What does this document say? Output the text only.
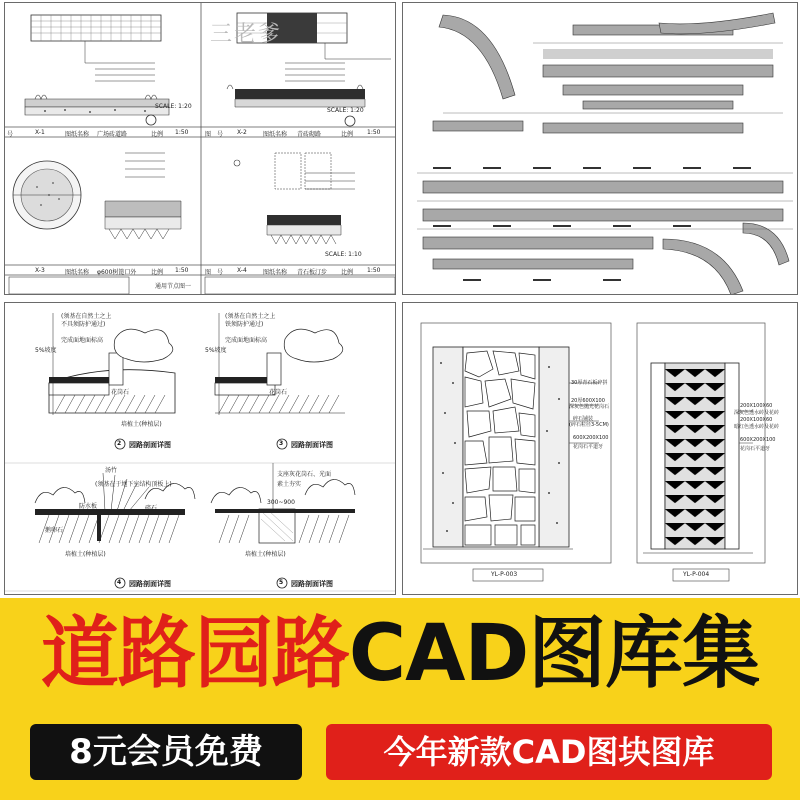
三老爹
SCALE: 1:20
SCALE: 1:20
SCALE: 1:10
号	X-1	图纸名称 广场砖道路	比例 1:50	图 号 X-2	图纸名称 青砖砌路	比例 1:50
X-3	图纸名称 φ600树篦口外 比例 1:50	图 号 X-4	图纸名称 青石板汀步 比例 1:50
通用节点图一
(须基在自然土之上
不具须防护通过)
完成面地面标高
5%坡度
花岗石
培植土(种植层)
(须基在自然土之上
铁须防护通过)
完成面地面标高
5%坡度
花岗石
汤竹
(须基在于地下室结构顶板上)
防水板	碎石
鹅卵石
培植土(种植层)
支座灰花岗石、光面
素土夯实
300~900
培植土(种植层)
2 园路剖面详图	3 园路剖面详图
4 园路剖面详图	5 园路剖面详图
30厚青石板碎拼
20厚600X100
深灰色抛光花岗石
碎石铺装
(碎石粒径3-5CM)
600X200X100
花岗石平道牙
200X100X60
深灰色透水砖及花砖
200X100X60
暗红色透水砖及花砖
600X200X100
花岗石平道牙
YL-P-003	YL-P-004
道路园路CAD图库集
8元会员免费	今年新款CAD图块图库
